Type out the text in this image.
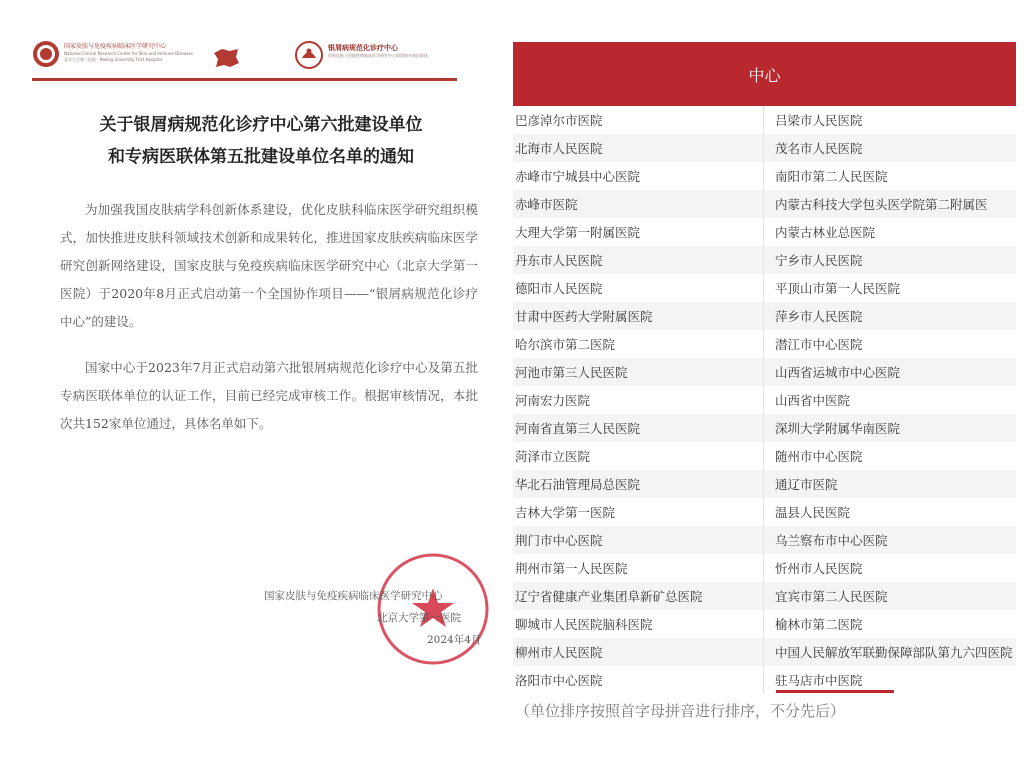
国家皮肤与免疫疾病临床医学研究中心
National Clinical Research Center for Skin and Immune Diseases
北京大学第一医院 · Peking University First Hospital
银屑病规范化诊疗中心
国家皮肤与免疫疾病临床医学研究中心银屑病专病医联体
关于银屑病规范化诊疗中心第六批建设单位
和专病医联体第五批建设单位名单的通知

为加强我国皮肤病学科创新体系建设，优化皮肤科临床医学研究组织模式，加快推进皮肤科领域技术创新和成果转化，推进国家皮肤疾病临床医学研究创新网络建设，国家皮肤与免疫疾病临床医学研究中心（北京大学第一医院）于2020年8月正式启动第一个全国协作项目——“银屑病规范化诊疗中心”的建设。

国家中心于2023年7月正式启动第六批银屑病规范化诊疗中心及第五批专病医联体单位的认证工作，目前已经完成审核工作。根据审核情况，本批次共152家单位通过，具体名单如下。

国家皮肤与免疫疾病临床医学研究中心
北京大学第一医院
2024年4月
中心
巴彦淖尔市医院	吕梁市人民医院
北海市人民医院	茂名市人民医院
赤峰市宁城县中心医院	南阳市第二人民医院
赤峰市医院	内蒙古科技大学包头医学院第二附属医
大理大学第一附属医院	内蒙古林业总医院
丹东市人民医院	宁乡市人民医院
德阳市人民医院	平顶山市第一人民医院
甘肃中医药大学附属医院	萍乡市人民医院
哈尔滨市第二医院	潜江市中心医院
河池市第三人民医院	山西省运城市中心医院
河南宏力医院	山西省中医院
河南省直第三人民医院	深圳大学附属华南医院
菏泽市立医院	随州市中心医院
华北石油管理局总医院	通辽市医院
吉林大学第一医院	温县人民医院
荆门市中心医院	乌兰察布市中心医院
荆州市第一人民医院	忻州市人民医院
辽宁省健康产业集团阜新矿总医院	宜宾市第二人民医院
聊城市人民医院脑科医院	榆林市第二医院
柳州市人民医院	中国人民解放军联勤保障部队第九六四医院
洛阳市中心医院	驻马店市中医院
（单位排序按照首字母拼音进行排序，不分先后）
